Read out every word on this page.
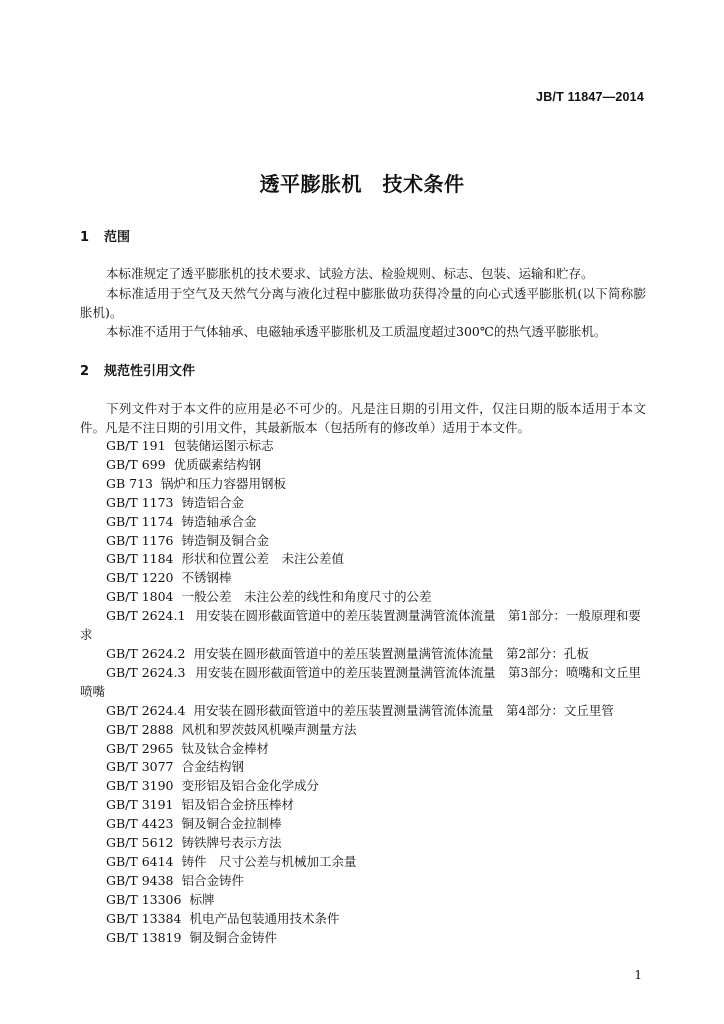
JB/T 11847—2014
透平膨胀机　技术条件
1 范围
本标准规定了透平膨胀机的技术要求、试验方法、检验规则、标志、包装、运输和贮存。
本标准适用于空气及天然气分离与液化过程中膨胀做功获得冷量的向心式透平膨胀机(以下简称膨胀机)。
本标准不适用于气体轴承、电磁轴承透平膨胀机及工质温度超过300℃的热气透平膨胀机。
2 规范性引用文件
下列文件对于本文件的应用是必不可少的。凡是注日期的引用文件，仅注日期的版本适用于本文件。凡是不注日期的引用文件，其最新版本（包括所有的修改单）适用于本文件。
GB/T 191 包装储运图示标志
GB/T 699 优质碳素结构钢
GB 713 锅炉和压力容器用钢板
GB/T 1173 铸造铝合金
GB/T 1174 铸造轴承合金
GB/T 1176 铸造铜及铜合金
GB/T 1184 形状和位置公差　未注公差值
GB/T 1220 不锈钢棒
GB/T 1804 一般公差　未注公差的线性和角度尺寸的公差
GB/T 2624.1 用安装在圆形截面管道中的差压装置测量满管流体流量　第1部分：一般原理和要求
GB/T 2624.2 用安装在圆形截面管道中的差压装置测量满管流体流量　第2部分：孔板
GB/T 2624.3 用安装在圆形截面管道中的差压装置测量满管流体流量　第3部分：喷嘴和文丘里喷嘴
GB/T 2624.4 用安装在圆形截面管道中的差压装置测量满管流体流量　第4部分：文丘里管
GB/T 2888 风机和罗茨鼓风机噪声测量方法
GB/T 2965 钛及钛合金棒材
GB/T 3077 合金结构钢
GB/T 3190 变形铝及铝合金化学成分
GB/T 3191 铝及铝合金挤压棒材
GB/T 4423 铜及铜合金拉制棒
GB/T 5612 铸铁牌号表示方法
GB/T 6414 铸件　尺寸公差与机械加工余量
GB/T 9438 铝合金铸件
GB/T 13306 标牌
GB/T 13384 机电产品包装通用技术条件
GB/T 13819 铜及铜合金铸件
1
